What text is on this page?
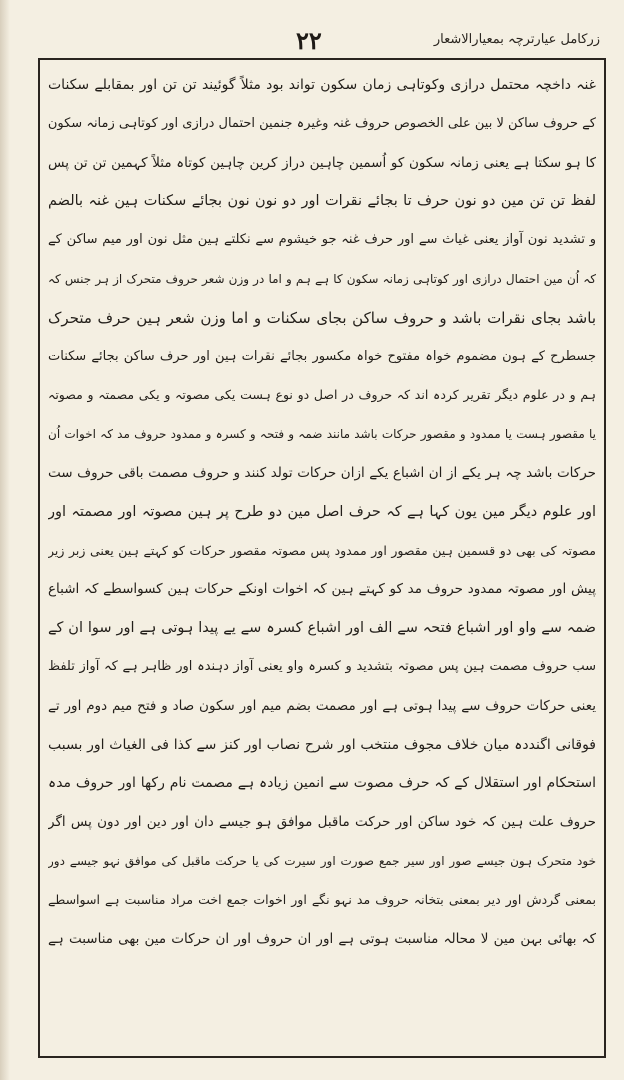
زرکامل عیارترچہ بمعیارالاشعار
۲۲
غنہ داخچہ محتمل درازی وکوتاہی زمان سکون تواند بود مثلاً گوئیند تن تن اور بمقابلے سکنات
کے حروف ساکن لا بین علی الخصوص حروف غنہ وغیرہ جنمین احتمال درازی اور کوتاہی زمانہ سکون
کا ہو سکتا ہے یعنی زمانہ سکون کو اُسمین چاہین دراز کرین چاہین کوتاہ مثلاً کہمین تن تن پس
لفظ تن تن مین دو نون حرف تا بجائے نقرات اور دو نون نون بجائے سکنات ہین غنہ بالضم
و تشدید نون آواز یعنی غیاث سے اور حرف غنہ جو خیشوم سے نکلتے ہین مثل نون اور میم ساکن کے
کہ اُن مین احتمال درازی اور کوتاہی زمانہ سکون کا ہے ہم و اما در وزن شعر حروف متحرک از ہر جنس کہ
باشد بجای نقرات باشد و حروف ساکن بجای سکنات و اما وزن شعر ہین حرف متحرک
جسطرح کے ہون مضموم خواہ مفتوح خواہ مکسور بجائے نقرات ہین اور حرف ساکن بجائے سکنات
ہم و در علوم دیگر تقریر کردہ اند کہ حروف در اصل دو نوع ہست یکی مصوتہ و یکی مصمتہ و مصوتہ
یا مقصور ہست یا ممدود و مقصور حرکات باشد مانند ضمہ و فتحہ و کسرہ و ممدود حروف مد کہ اخوات اُن
حرکات باشد چہ ہر یکے از ان اشباع یکے ازان حرکات تولد کنند و حروف مصمت باقی حروف ست
اور علوم دیگر مین یون کہا ہے کہ حرف اصل مین دو طرح پر ہین مصوتہ اور مصمتہ اور
مصوتہ کی بھی دو قسمین ہین مقصور اور ممدود پس مصوتہ مقصور حرکات کو کہتے ہین یعنی زبر زیر
پیش اور مصوتہ ممدود حروف مد کو کہتے ہین کہ اخوات اونکے حرکات ہین کسواسطے کہ اشباع
ضمہ سے واو اور اشباع فتحہ سے الف اور اشباع کسرہ سے یے پیدا ہوتی ہے اور سوا ان کے
سب حروف مصمت ہین پس مصوتہ بتشدید و کسرہ واو یعنی آواز دہندہ اور ظاہر ہے کہ آواز تلفظ
یعنی حرکات حروف سے پیدا ہوتی ہے اور مصمت بضم میم اور سکون صاد و فتح میم دوم اور تے
فوقانی اگنددہ میان خلاف مجوف منتخب اور شرح نصاب اور کنز سے کذا فی الغیاث اور بسبب
استحکام اور استقلال کے کہ حرف مصوت سے انمین زیادہ ہے مصمت نام رکھا اور حروف مدہ
حروف علت ہین کہ خود ساکن اور حرکت ماقبل موافق ہو جیسے دان اور دین اور دون پس اگر
خود متحرک ہون جیسے صور اور سیر جمع صورت اور سیرت کی یا حرکت ماقبل کی موافق نہو جیسے دور
بمعنی گردش اور دیر بمعنی بتخانہ حروف مد نہو نگے اور اخوات جمع اخت مراد مناسبت ہے اسواسطے
کہ بھائی بہن مین لا محالہ مناسبت ہوتی ہے اور ان حروف اور ان حرکات مین بھی مناسبت ہے
